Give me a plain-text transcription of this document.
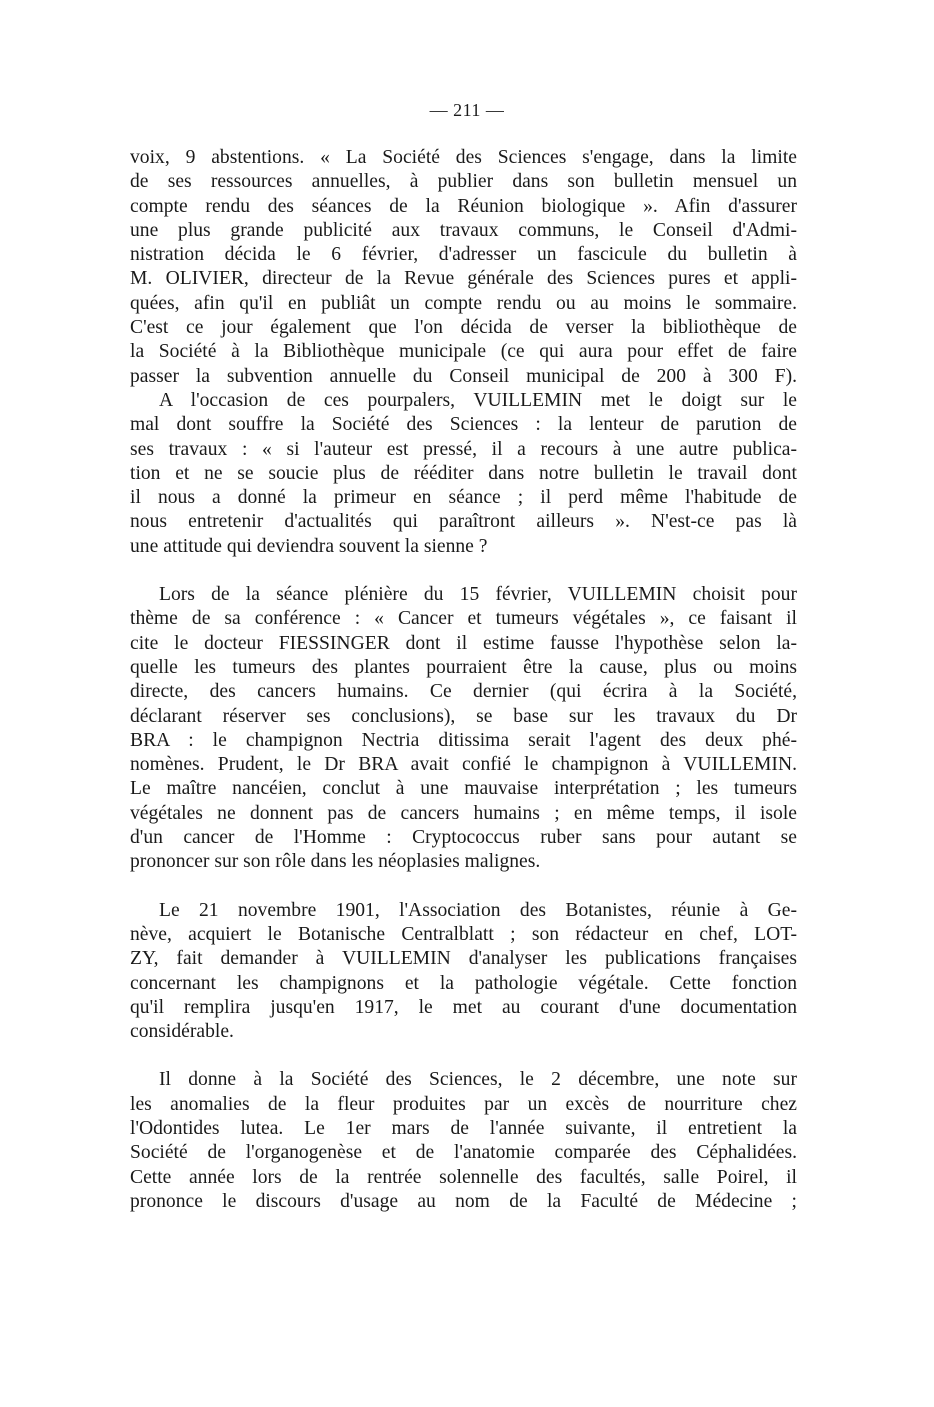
— 211 —

voix, 9 abstentions. « La Société des Sciences s'engage, dans la limite
de ses ressources annuelles, à publier dans son bulletin mensuel un
compte rendu des séances de la Réunion biologique ». Afin d'assurer
une plus grande publicité aux travaux communs, le Conseil d'Admi-
nistration décida le 6 février, d'adresser un fascicule du bulletin à
M. OLIVIER, directeur de la Revue générale des Sciences pures et appli-
quées, afin qu'il en publiât un compte rendu ou au moins le sommaire.
C'est ce jour également que l'on décida de verser la bibliothèque de
la Société à la Bibliothèque municipale (ce qui aura pour effet de faire
passer la subvention annuelle du Conseil municipal de 200 à 300 F).

A l'occasion de ces pourpalers, VUILLEMIN met le doigt sur le
mal dont souffre la Société des Sciences : la lenteur de parution de
ses travaux : « si l'auteur est pressé, il a recours à une autre publica-
tion et ne se soucie plus de rééditer dans notre bulletin le travail dont
il nous a donné la primeur en séance ; il perd même l'habitude de
nous entretenir d'actualités qui paraîtront ailleurs ». N'est-ce pas là
une attitude qui deviendra souvent la sienne ?

Lors de la séance plénière du 15 février, VUILLEMIN choisit pour
thème de sa conférence : « Cancer et tumeurs végétales », ce faisant il
cite le docteur FIESSINGER dont il estime fausse l'hypothèse selon la-
quelle les tumeurs des plantes pourraient être la cause, plus ou moins
directe, des cancers humains. Ce dernier (qui écrira à la Société,
déclarant réserver ses conclusions), se base sur les travaux du Dr
BRA : le champignon Nectria ditissima serait l'agent des deux phé-
nomènes. Prudent, le Dr BRA avait confié le champignon à VUILLEMIN.
Le maître nancéien, conclut à une mauvaise interprétation ; les tumeurs
végétales ne donnent pas de cancers humains ; en même temps, il isole
d'un cancer de l'Homme : Cryptococcus ruber sans pour autant se
prononcer sur son rôle dans les néoplasies malignes.

Le 21 novembre 1901, l'Association des Botanistes, réunie à Ge-
nève, acquiert le Botanische Centralblatt ; son rédacteur en chef, LOT-
ZY, fait demander à VUILLEMIN d'analyser les publications françaises
concernant les champignons et la pathologie végétale. Cette fonction
qu'il remplira jusqu'en 1917, le met au courant d'une documentation
considérable.

Il donne à la Société des Sciences, le 2 décembre, une note sur
les anomalies de la fleur produites par un excès de nourriture chez
l'Odontides lutea. Le 1er mars de l'année suivante, il entretient la
Société de l'organogenèse et de l'anatomie comparée des Céphalidées.
Cette année lors de la rentrée solennelle des facultés, salle Poirel, il
prononce le discours d'usage au nom de la Faculté de Médecine ;
